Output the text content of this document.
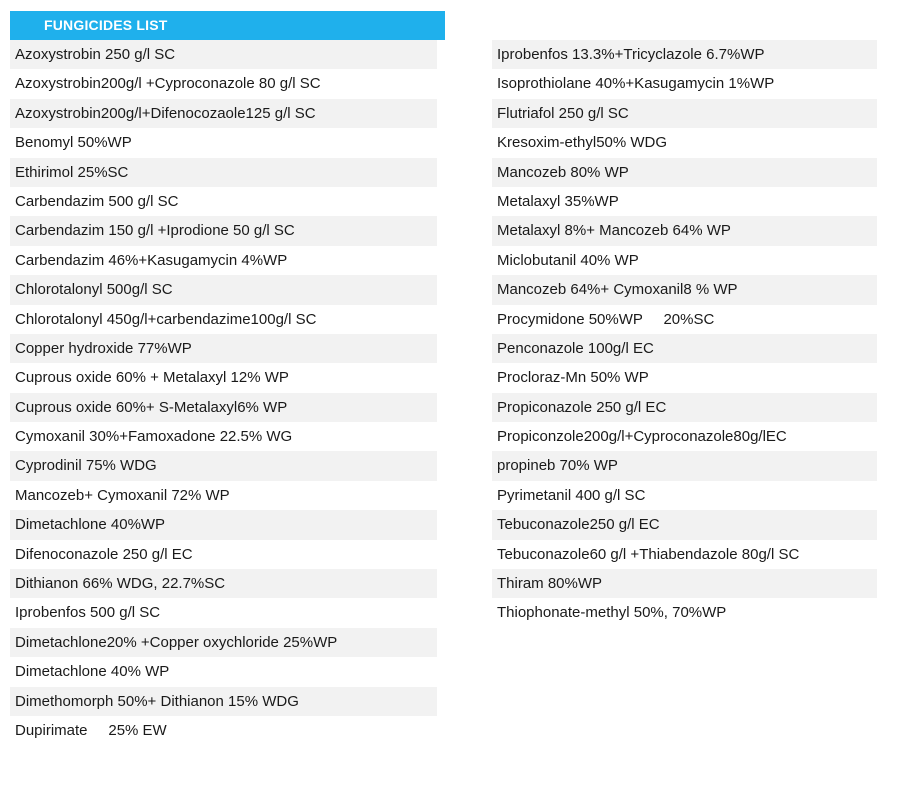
FUNGICIDES LIST
Azoxystrobin 250 g/l SC
Azoxystrobin200g/l +Cyproconazole 80 g/l SC
Azoxystrobin200g/l+Difenocozaole125 g/l SC
Benomyl 50%WP
Ethirimol 25%SC
Carbendazim 500 g/l SC
Carbendazim 150 g/l +Iprodione 50 g/l SC
Carbendazim 46%+Kasugamycin 4%WP
Chlorotalonyl 500g/l SC
Chlorotalonyl 450g/l+carbendazime100g/l SC
Copper hydroxide 77%WP
Cuprous oxide 60% + Metalaxyl 12% WP
Cuprous oxide 60%+ S-Metalaxyl6% WP
Cymoxanil 30%+Famoxadone 22.5% WG
Cyprodinil 75% WDG
Mancozeb+ Cymoxanil 72% WP
Dimetachlone 40%WP
Difenoconazole 250 g/l EC
Dithianon 66% WDG, 22.7%SC
Iprobenfos 500 g/l SC
Dimetachlone20% +Copper oxychloride 25%WP
Dimetachlone 40% WP
Dimethomorph 50%+ Dithianon 15% WDG
Dupirimate     25% EW
Iprobenfos 13.3%+Tricyclazole 6.7%WP
Isoprothiolane 40%+Kasugamycin 1%WP
Flutriafol 250 g/l SC
Kresoxim-ethyl50% WDG
Mancozeb 80% WP
Metalaxyl 35%WP
Metalaxyl 8%+ Mancozeb 64% WP
Miclobutanil 40% WP
Mancozeb 64%+ Cymoxanil8 % WP
Procymidone 50%WP     20%SC
Penconazole 100g/l EC
Procloraz-Mn 50% WP
Propiconazole 250 g/l EC
Propiconzole200g/l+Cyproconazole80g/lEC
propineb 70% WP
Pyrimetanil 400 g/l SC
Tebuconazole250 g/l EC
Tebuconazole60 g/l +Thiabendazole 80g/l SC
Thiram 80%WP
Thiophonate-methyl 50%, 70%WP
